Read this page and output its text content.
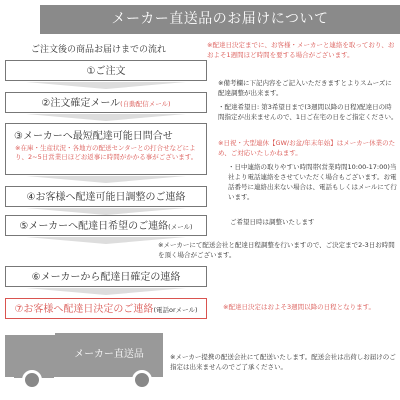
メーカー直送品のお届けについて
ご注文後の商品お届けまでの流れ
①ご注文
②注文確定メール(自動配信メール)
③メーカーへ最短配達可能日問合せ
※在庫・生産状況・各地方の配送センターとの打合せなどにより、2~5日営業日ほどお返事に時間がかかる事がございます。
④お客様へ配達可能日調整のご連絡
⑤メーカーへ配達日希望のご連絡(メール)
⑥メーカーから配達日確定の連絡
⑦お客様へ配達日決定のご連絡(電話orメール)
※配達日決定までに、お客様・メーカーと連絡を取っており、おおよそ1週間ほど時間を要する場合がございます。
※備考欄に下記内容をご記入いただきますとよりスムーズに配達調整が出来ます。
・配達希望日: 第3希望日まで(3週間以降の日程)配達日の時間指定が出来ませんので、1日ご在宅の日をご指定ください。
※日祝・大型連休【GW/お盆/年末年始】はメーカー休業のため、ご対応いたしかねます。
・日中連絡の取りやすい時間帯(営業時間10:00-17:00)当社より電話連絡をさせていただく場合もございます。お電話番号に連絡出来ない場合は、電話もしくはメールにて行います。
ご希望日時は調整いたします
※メーカーにて配送会社と配達日程調整を行いますので、ご決定まで2-3日お時間を頂く場合がございます。
※配達日決定はおよそ3週間以降の日程となります。
メーカー直送品	※メーカー提携の配送会社にて配送いたします。配送会社は出荷しお届けのご指定は出来ませんのでご了承ください。
